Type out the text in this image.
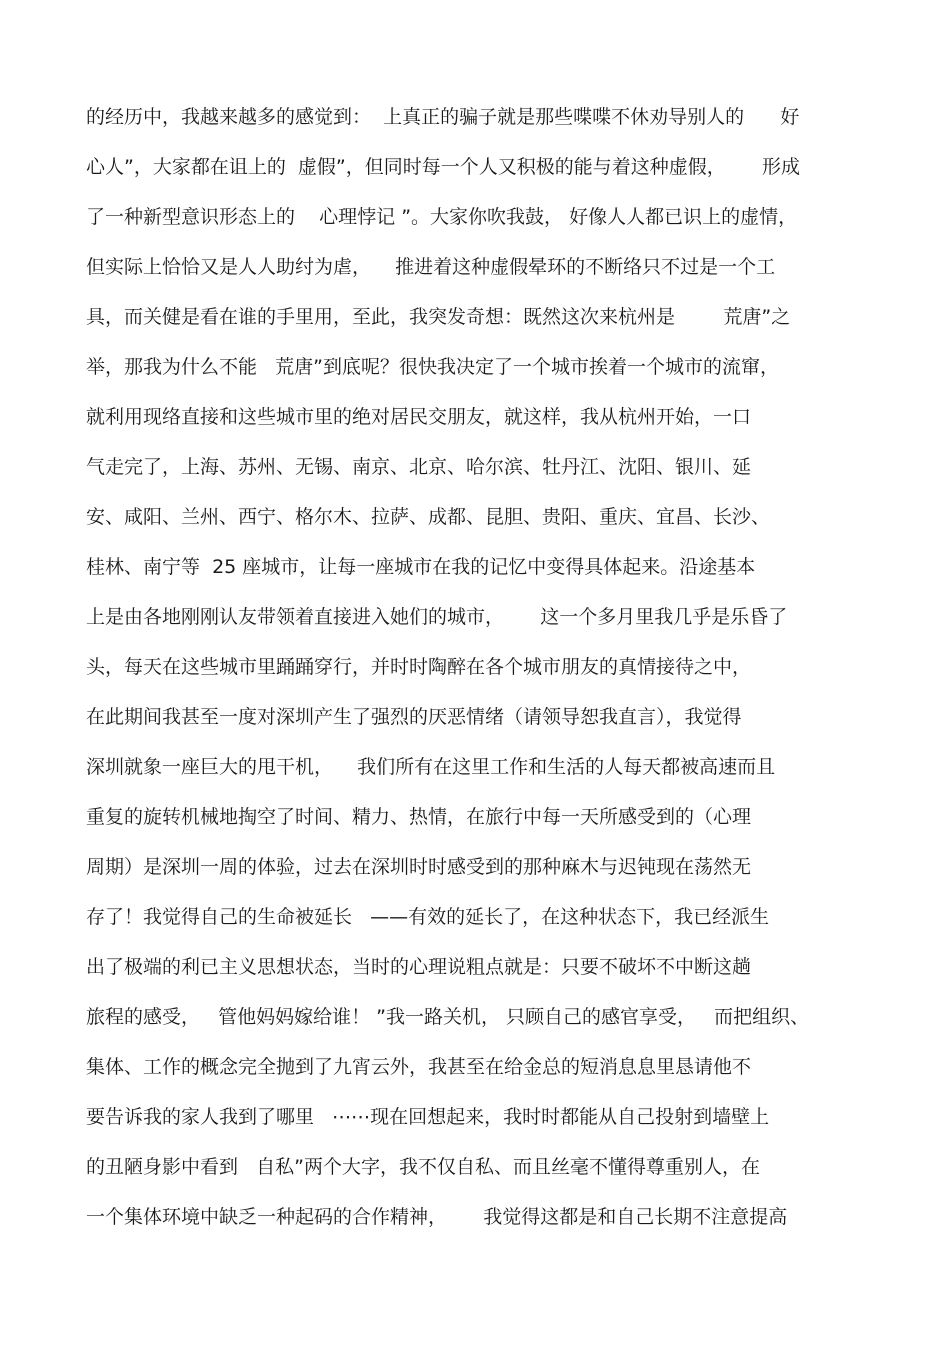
的经历中，我越来越多的感觉到：  上真正的骗子就是那些喋喋不休劝导别人的      好
心人”，大家都在诅上的  虚假”，但同时每一个人又积极的能与着这种虚假，      形成
了一种新型意识形态上的    心理悖记 ”。大家你吹我鼓， 好像人人都已识上的虚情，
但实际上恰恰又是人人助纣为虐，    推进着这种虚假晕环的不断络只不过是一个工
具，而关健是看在谁的手里用，至此，我突发奇想：既然这次来杭州是        荒唐”之
举，那我为什么不能   荒唐”到底呢？很快我决定了一个城市挨着一个城市的流窜，
就利用现络直接和这些城市里的绝对居民交朋友，就这样，我从杭州开始，一口
气走完了，上海、苏州、无锡、南京、北京、哈尔滨、牡丹江、沈阳、银川、延
安、咸阳、兰州、西宁、格尔木、拉萨、成都、昆胆、贵阳、重庆、宜昌、长沙、
桂林、南宁等  25 座城市，让每一座城市在我的记忆中变得具体起来。沿途基本
上是由各地刚刚认友带领着直接进入她们的城市，      这一个多月里我几乎是乐昏了
头，每天在这些城市里踊踊穿行，并时时陶醉在各个城市朋友的真情接待之中，
在此期间我甚至一度对深圳产生了强烈的厌恶情绪（请领导恕我直言），我觉得
深圳就象一座巨大的甩干机，    我们所有在这里工作和生活的人每天都被高速而且
重复的旋转机械地掏空了时间、精力、热情，在旅行中每一天所感受到的（心理
周期）是深圳一周的体验，过去在深圳时时感受到的那种麻木与迟钝现在荡然无
存了！我觉得自己的生命被延长   ——有效的延长了，在这种状态下，我已经派生
出了极端的利已主义思想状态，当时的心理说粗点就是：只要不破坏不中断这趟
旅程的感受，   管他妈妈嫁给谁！ ”我一路关机， 只顾自己的感官享受，   而把组织、
集体、工作的概念完全抛到了九宵云外，我甚至在给金总的短消息息里恳请他不
要告诉我的家人我到了哪里   ⋯⋯现在回想起来，我时时都能从自己投射到墙壁上
的丑陋身影中看到   自私”两个大字，我不仅自私、而且丝毫不懂得尊重别人，在
一个集体环境中缺乏一种起码的合作精神，      我觉得这都是和自己长期不注意提高
